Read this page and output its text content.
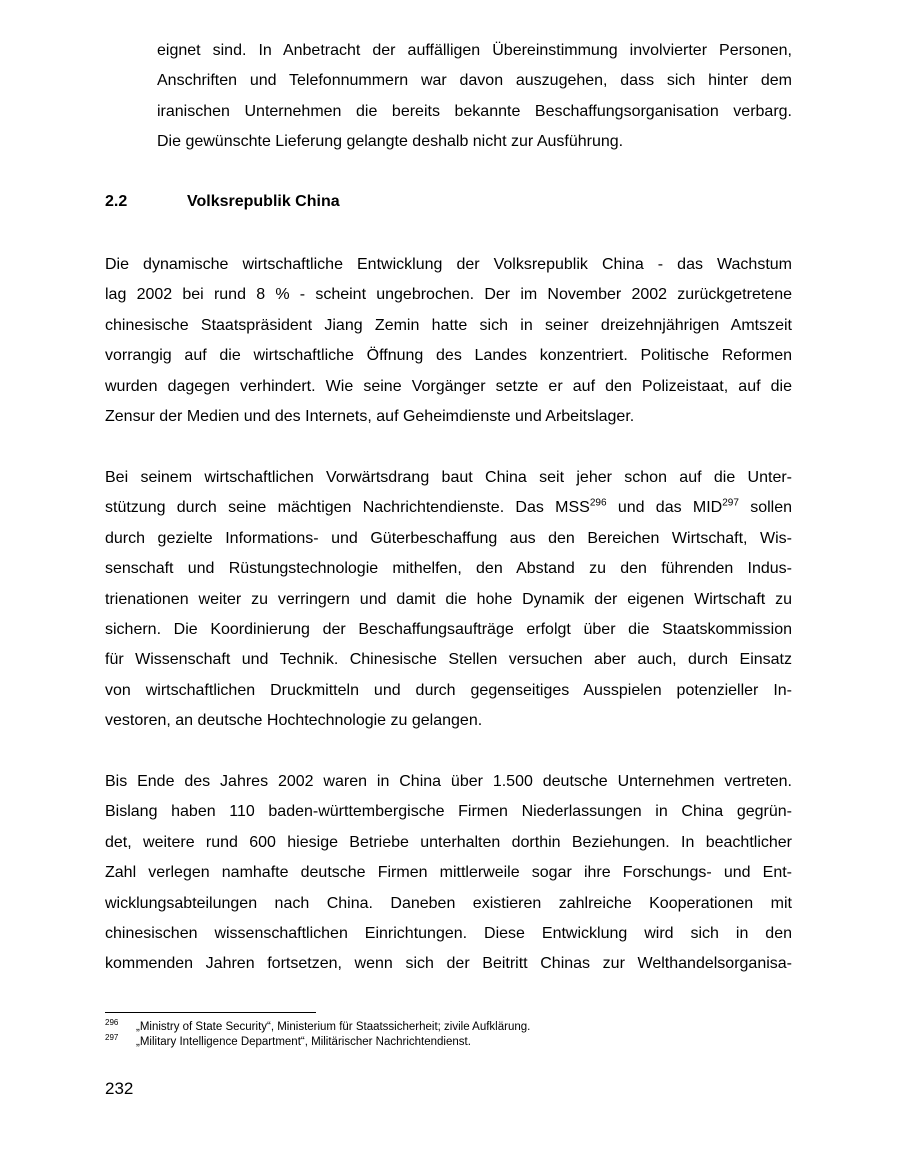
eignet sind. In Anbetracht der auffälligen Übereinstimmung involvierter Personen,
Anschriften und Telefonnummern war davon auszugehen, dass sich hinter dem
iranischen Unternehmen die bereits bekannte Beschaffungsorganisation verbarg.
Die gewünschte Lieferung gelangte deshalb nicht zur Ausführung.
2.2	Volksrepublik China
Die dynamische wirtschaftliche Entwicklung der Volksrepublik China - das Wachstum
lag 2002 bei rund 8 % - scheint ungebrochen. Der im November 2002 zurückgetretene
chinesische Staatspräsident Jiang Zemin hatte sich in seiner dreizehnjährigen Amtszeit
vorrangig auf die wirtschaftliche Öffnung des Landes konzentriert. Politische Reformen
wurden dagegen verhindert. Wie seine Vorgänger setzte er auf den Polizeistaat, auf die
Zensur der Medien und des Internets, auf Geheimdienste und Arbeitslager.
Bei seinem wirtschaftlichen Vorwärtsdrang baut China seit jeher schon auf die Unter-
stützung durch seine mächtigen Nachrichtendienste. Das MSS$^{296}$ und das MID$^{297}$ sollen
durch gezielte Informations- und Güterbeschaffung aus den Bereichen Wirtschaft, Wis-
senschaft und Rüstungstechnologie mithelfen, den Abstand zu den führenden Indus-
trienationen weiter zu verringern und damit die hohe Dynamik der eigenen Wirtschaft zu
sichern. Die Koordinierung der Beschaffungsaufträge erfolgt über die Staatskommission
für Wissenschaft und Technik. Chinesische Stellen versuchen aber auch, durch Einsatz
von wirtschaftlichen Druckmitteln und durch gegenseitiges Ausspielen potenzieller In-
vestoren, an deutsche Hochtechnologie zu gelangen.
Bis Ende des Jahres 2002 waren in China über 1.500 deutsche Unternehmen vertreten.
Bislang haben 110 baden-württembergische Firmen Niederlassungen in China gegrün-
det, weitere rund 600 hiesige Betriebe unterhalten dorthin Beziehungen. In beachtlicher
Zahl verlegen namhafte deutsche Firmen mittlerweile sogar ihre Forschungs- und Ent-
wicklungsabteilungen nach China. Daneben existieren zahlreiche Kooperationen mit
chinesischen wissenschaftlichen Einrichtungen. Diese Entwicklung wird sich in den
kommenden Jahren fortsetzen, wenn sich der Beitritt Chinas zur Welthandelsorganisa-
296 „Ministry of State Security“, Ministerium für Staatssicherheit; zivile Aufklärung.
297 „Military Intelligence Department“, Militärischer Nachrichtendienst.

232
